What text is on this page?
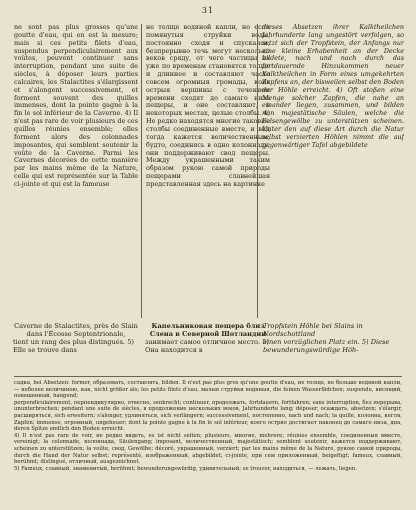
31

ne sont pas plus grosses qu'une goutte d'eau, qui en est la mesure; mais si ces petits filets d'eau, suspendus perpendiculairement aux voûtes, peuvent continuer sans interruption, pendant une suite de siècles, à déposer leurs parties calcaires, les Stalactites s'élargissent et s'alongent successivement, et forment souvent des quilles immenses, dont la pointe gagne à la fin le sol inférieur de la Caverne. 4) Il n'est pas rare de voir plusieurs de ces quilles réunies ensemble; elles forment alors des colonnades imposantes, qui semblent soutenir la voûte de la Caverne. Parmi les Cavernes décorées de cette manière par les mains même de la Nature, celle qui est représentée sur la Table ci-jointe et qui est la fameuse

не толще водяной капли, но если помянутыя струйки воды, постоянно сходя и спускаяся, безпрерывно течь могут несколько веков сряду, от чего частицы их уже по временам становятся толще и длиннее и составляют часто совсем огромныя громады, коих острыя вершины с течением времени сходят до самаго низа пещеры, и оне составляют, в некоторых местах, целые столбы. 4) Не редко находятся многие таковые столбы соединенные вместе, и вид тогда кажется величественным, будто, соединясь в одно колоннаду, они поддерживают свод пещеры. Между украшенными таким образом рукою самой природы пещерами славнейшая представленная здесь на картинке

dieses Absetzen ihrer Kalktheilchen Jahrhunderte lang ungestört verfolgen, so setzt sich der Tropfstein, der Anfangs nur eine kleine Erhabenheit an der Decke bildete, nach und nach durch das fortdauernde Hinzukommen neuer Kalktheilchen in Form eines umgekehrten Zapfens an, der bisweilen selbst den Boden der Höhle erreicht. 4) Oft stoßen eine Menge solcher Zapfen, die nahe an einander liegen, zusammen, und bilden nun majestätische Säulen, welche die Felsengewölbe zu unterstützen scheinen. Unter den auf diese Art durch die Natur selbst verzierten Höhlen nimmt die auf gegenwärtiger Tafel abgebildete

Caverne de Stalactites, près de Slain dans l'Écosse Septentrionale,

tient un rang des plus distingués. 5) Elle se trouve dans

Капельниковая пещера близ Слена в Северной Шотландии

занимает самое отличное место. 5) Она находится в

Tropfstein Höhle bei Slains in Nordschottland

einen vorzüglichen Platz ein. 5) Diese bewunderungswürdige Höh-

садка, bei Absetzen: former, образовать, составлять, bilden. Il n'est pas plus gros qu'une goutte d'eau, не толще, не больше водяной капли, — неболее величиною, как, nicht größer als; les petits filets d'eau, малыя струйки водяныя, die feinen Wasserfädchen; suspendu, висящий, повешенный, hangend;

perpendiculairement, перпендикулярно, отвесно, senkrecht; continuer, продолжать, fortdauern, fortfahren; sans interruption, без перерыва, ununterbrochen; pendant une suite de siècles, в продолжение нескольких веков, Jahrhunderte lang; déposer, осаждать, absetzen; s'élargir, расширяться, sich erweitern; s'alonger, удлиняться, sich verlängern; successivement, постепенно, nach und nach; la quille, колонна, кегля, Zapfen; immense, огромный, ungeheuer; dont la pointe gagne à la fin le sol inférieur, коего острие достигает наконец до самаго низа, дна, deren Spitze endlich den Boden erreicht.

4) Il n'est pas rare de voir, не редко видеть, es ist nicht selten; plusieurs, многие, mehrere; réunies ensemble, соединенныя вместе, vereinigt; la colonnade, колоннада, Säulengang; imposant, величественный, majestätisch; semblent soutenir, кажется поддерживают, scheinen zu unterstützen; la voûte, свод, Gewölbe; décoré, украшенный, verziert; par les mains même de la Nature, рукою самой природы, durch die Hand der Natur selbst; représenté, изображенный, abgebildet; ci-jointe, при сем приложенный, beigefügt; fameux, славный, berühmt; distingué, отличный, ausgezeichnet.

5) Fameux, славный, знаменитый, berühmt; bewunderungswürdig, удивительный; se trouver, находиться, — лежать, liegen.
